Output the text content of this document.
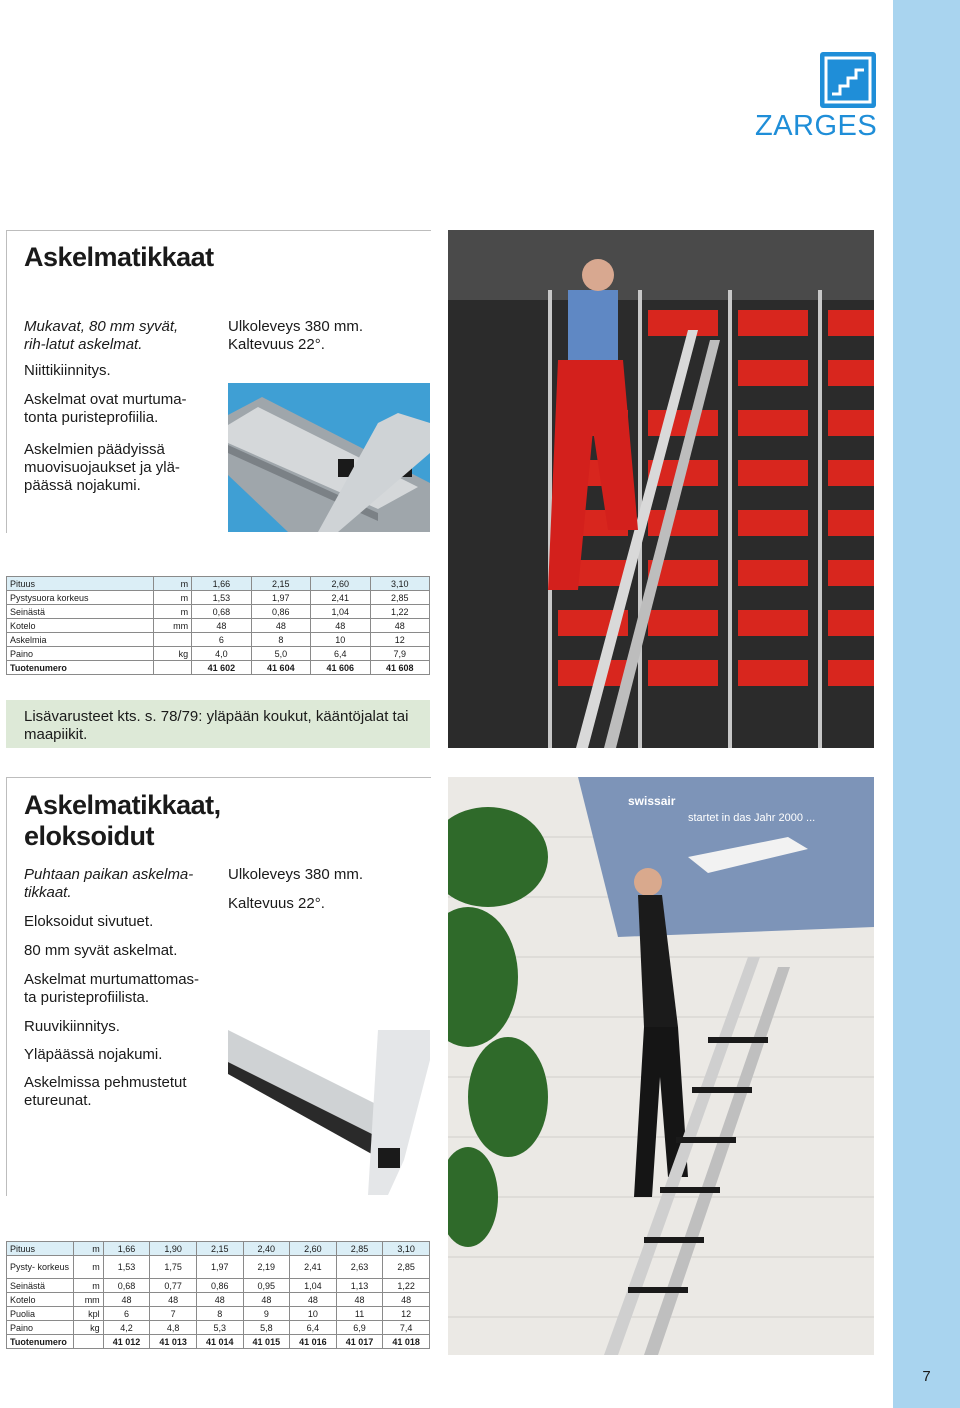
7
ZARGES
Askelmatikkaat

Mukavat, 80 mm syvät, rih-latut askelmat.

Niittikiinnitys.

Askelmat ovat murtuma-tonta puristeprofiilia.

Askelmien päädyissä muovisuojaukset ja ylä-päässä nojakumi.

Ulkoleveys 380 mm.

Kaltevuus 22°.

Pituus	m	1,66	2,15	2,60	3,10
Pystysuora korkeus	m	1,53	1,97	2,41	2,85
Seinästä	m	0,68	0,86	1,04	1,22
Kotelo	mm	48	48	48	48
Askelmia		6	8	10	12
Paino	kg	4,0	5,0	6,4	7,9
Tuotenumero		41 602	41 604	41 606	41 608
Lisävarusteet kts. s. 78/79: yläpään koukut, kääntöjalat tai maapiikit.
Askelmatikkaat,
eloksoidut

Puhtaan paikan askelma-tikkaat.

Eloksoidut sivutuet.

80 mm syvät askelmat.

Askelmat murtumattomas-ta puristeprofiilista.

Ruuvikiinnitys.

Yläpäässä nojakumi.

Askelmissa pehmustetut etureunat.

Ulkoleveys 380 mm.

Kaltevuus 22°.

Pituus	m	1,66	1,90	2,15	2,40	2,60	2,85	3,10
Pysty- korkeus	m	1,53	1,75	1,97	2,19	2,41	2,63	2,85
Seinästä	m	0,68	0,77	0,86	0,95	1,04	1,13	1,22
Kotelo	mm	48	48	48	48	48	48	48
Puolia	kpl	6	7	8	9	10	11	12
Paino	kg	4,2	4,8	5,3	5,8	6,4	6,9	7,4
Tuotenumero		41 012	41 013	41 014	41 015	41 016	41 017	41 018
startet in das Jahr 2000 ...
swissair
